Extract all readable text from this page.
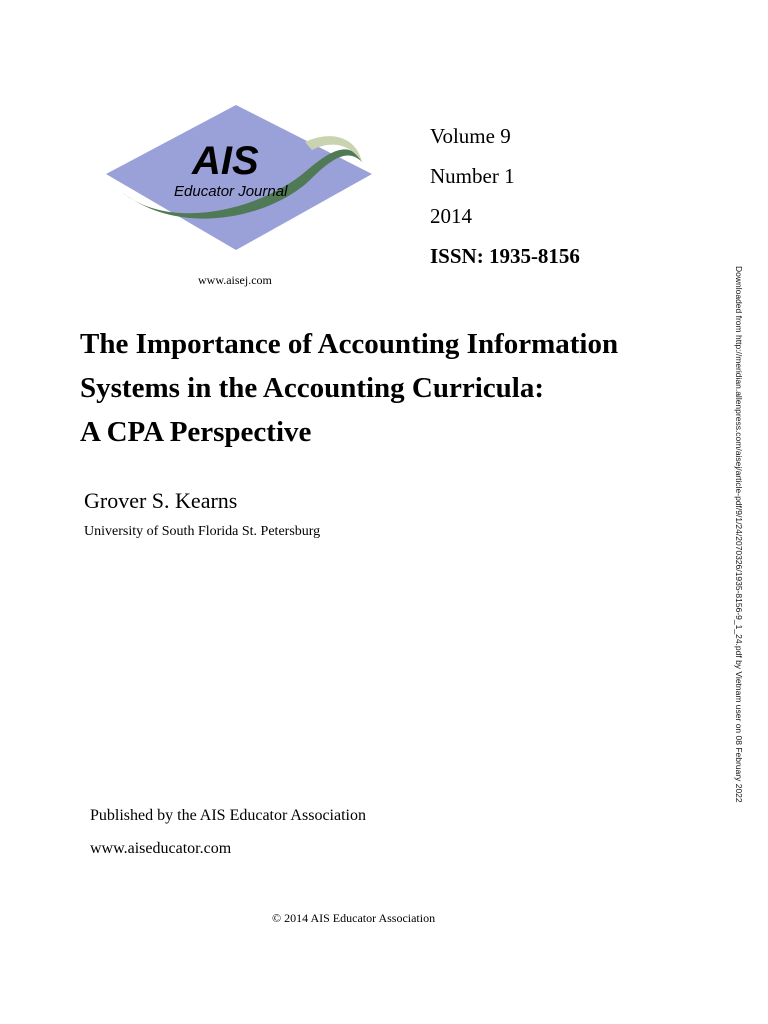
AIS
Educator Journal
www.aisej.com
Volume 9
Number 1
2014
ISSN: 1935-8156
The Importance of Accounting Information
Systems in the Accounting Curricula:
A CPA Perspective
Grover S. Kearns
University of South Florida St. Petersburg
Published by the AIS Educator Association
www.aiseducator.com
© 2014 AIS Educator Association
Downloaded from http://meridian.allenpress.com/aisej/article-pdf/9/1/24/2070326/1935-8156-9_1_24.pdf by Vietnam user on 08 February 2022
